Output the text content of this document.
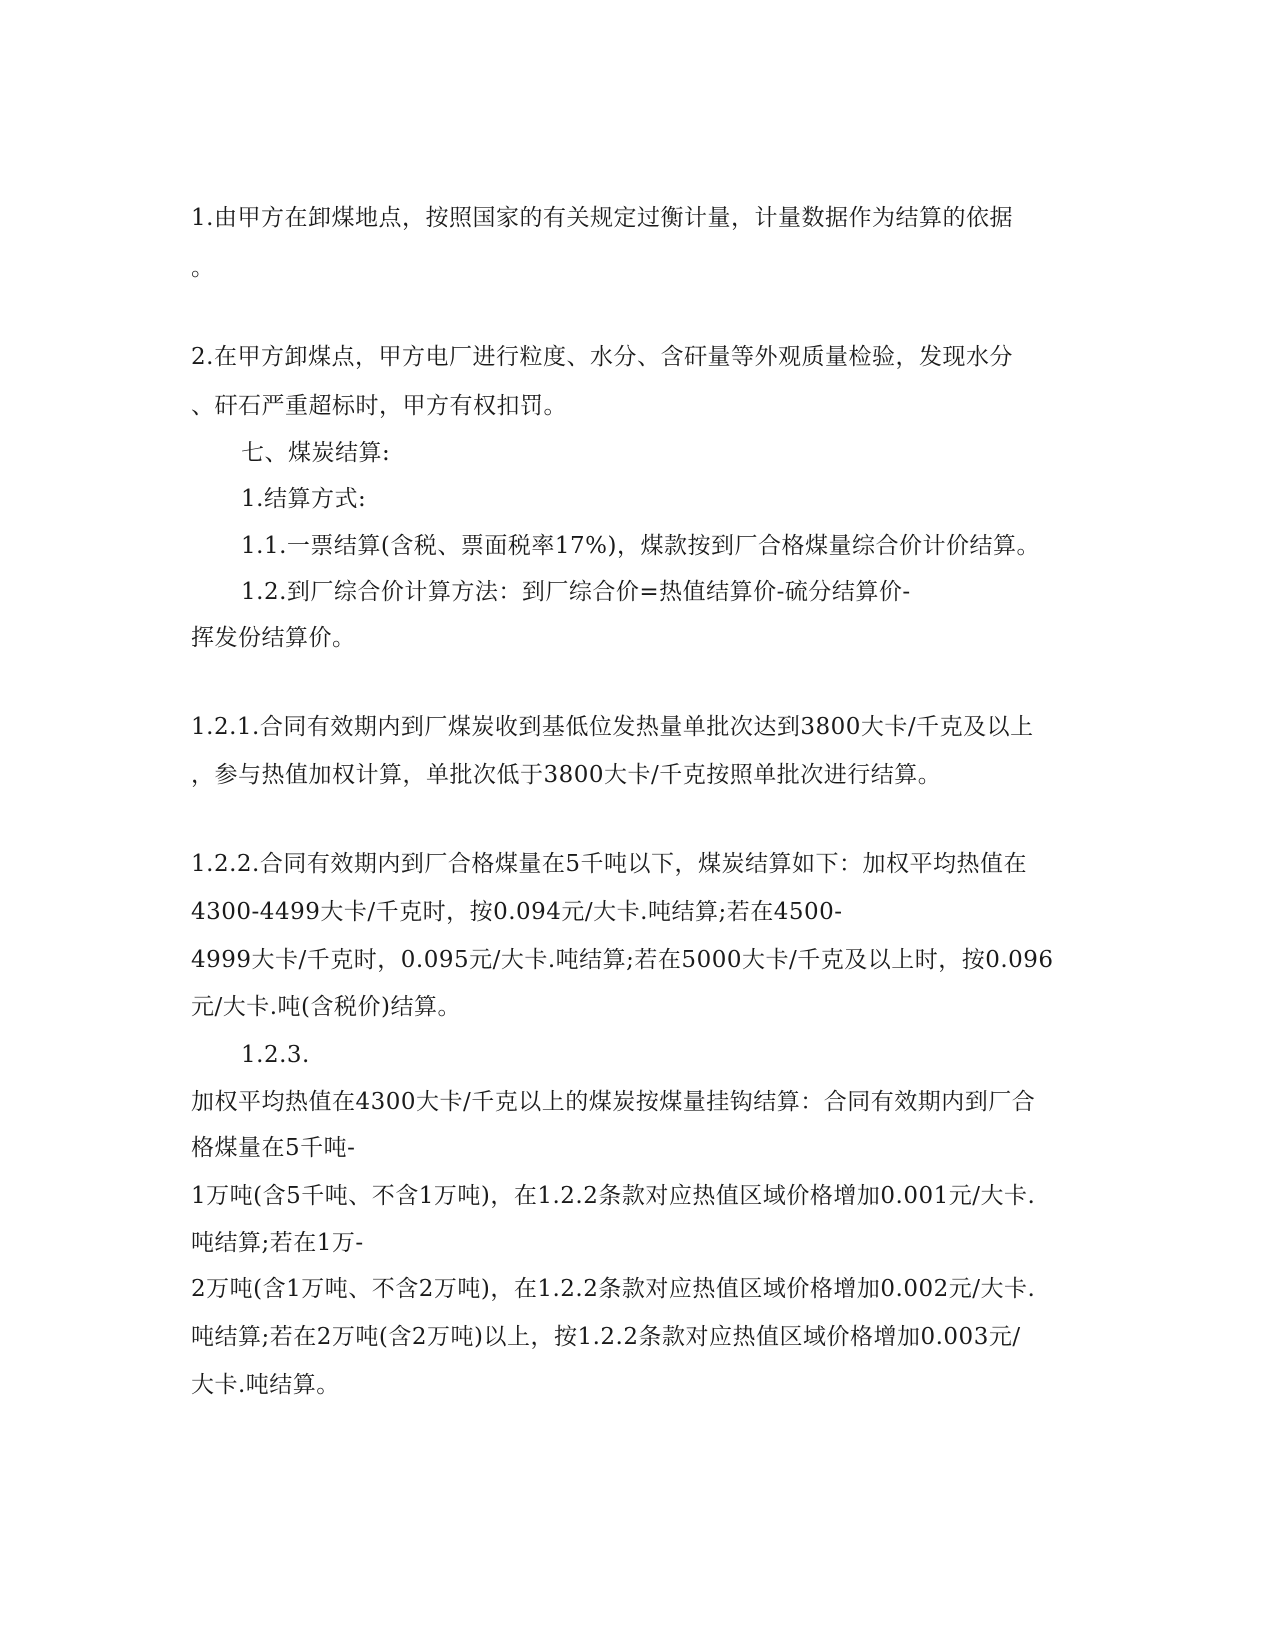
1.由甲方在卸煤地点，按照国家的有关规定过衡计量，计量数据作为结算的依据
。
2.在甲方卸煤点，甲方电厂进行粒度、水分、含矸量等外观质量检验，发现水分
、矸石严重超标时，甲方有权扣罚。
七、煤炭结算:
1.结算方式:
1.1.一票结算(含税、票面税率17%)，煤款按到厂合格煤量综合价计价结算。
1.2.到厂综合价计算方法：到厂综合价=热值结算价-硫分结算价-
挥发份结算价。
1.2.1.合同有效期内到厂煤炭收到基低位发热量单批次达到3800大卡/千克及以上
，参与热值加权计算，单批次低于3800大卡/千克按照单批次进行结算。
1.2.2.合同有效期内到厂合格煤量在5千吨以下，煤炭结算如下：加权平均热值在
4300-4499大卡/千克时，按0.094元/大卡.吨结算;若在4500-
4999大卡/千克时，0.095元/大卡.吨结算;若在5000大卡/千克及以上时，按0.096
元/大卡.吨(含税价)结算。
1.2.3.
加权平均热值在4300大卡/千克以上的煤炭按煤量挂钩结算：合同有效期内到厂合
格煤量在5千吨-
1万吨(含5千吨、不含1万吨)，在1.2.2条款对应热值区域价格增加0.001元/大卡.
吨结算;若在1万-
2万吨(含1万吨、不含2万吨)，在1.2.2条款对应热值区域价格增加0.002元/大卡.
吨结算;若在2万吨(含2万吨)以上，按1.2.2条款对应热值区域价格增加0.003元/
大卡.吨结算。
